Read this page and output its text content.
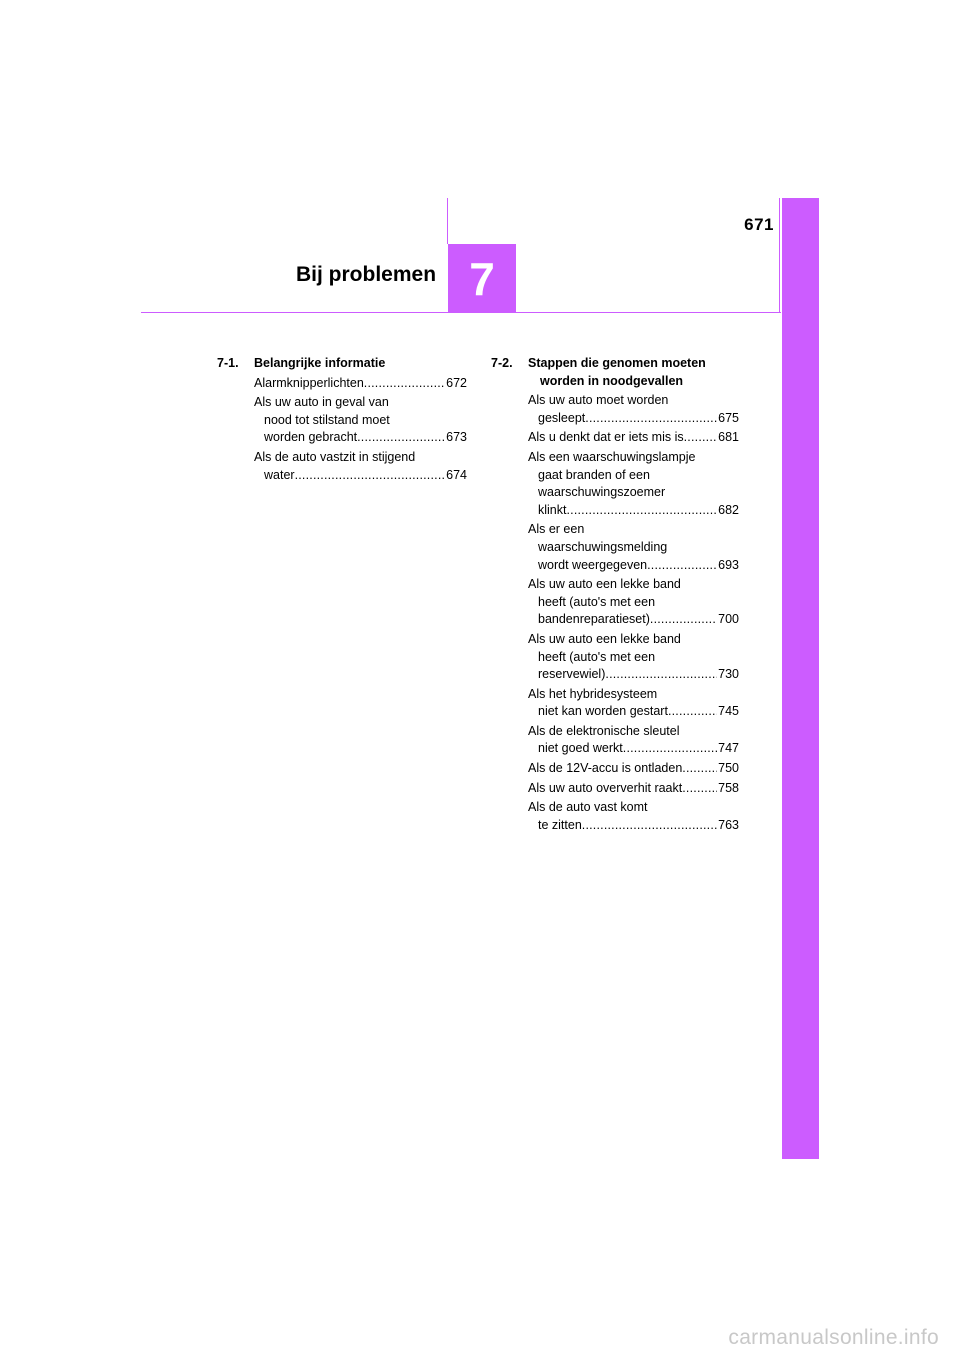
671
Bij problemen 7
7-1.	Belangrijke informatie
Alarmknipperlichten .....	672
Als uw auto in geval van
nood tot stilstand moet
worden gebracht .....	673
Als de auto vastzit in stijgend
water .....	674
7-2.	Stappen die genomen moeten
worden in noodgevallen
Als uw auto moet worden
gesleept .....	675
Als u denkt dat er iets mis is .....	681
Als een waarschuwingslampje
gaat branden of een
waarschuwingszoemer
klinkt .....	682
Als er een
waarschuwingsmelding
wordt weergegeven .....	693
Als uw auto een lekke band
heeft (auto's met een
bandenreparatieset) .....	700
Als uw auto een lekke band
heeft (auto's met een
reservewiel) .....	730
Als het hybridesysteem
niet kan worden gestart .....	745
Als de elektronische sleutel
niet goed werkt .....	747
Als de 12V-accu is ontladen .....	750
Als uw auto oververhit raakt .....	758
Als de auto vast komt
te zitten .....	763
carmanualsonline.info
